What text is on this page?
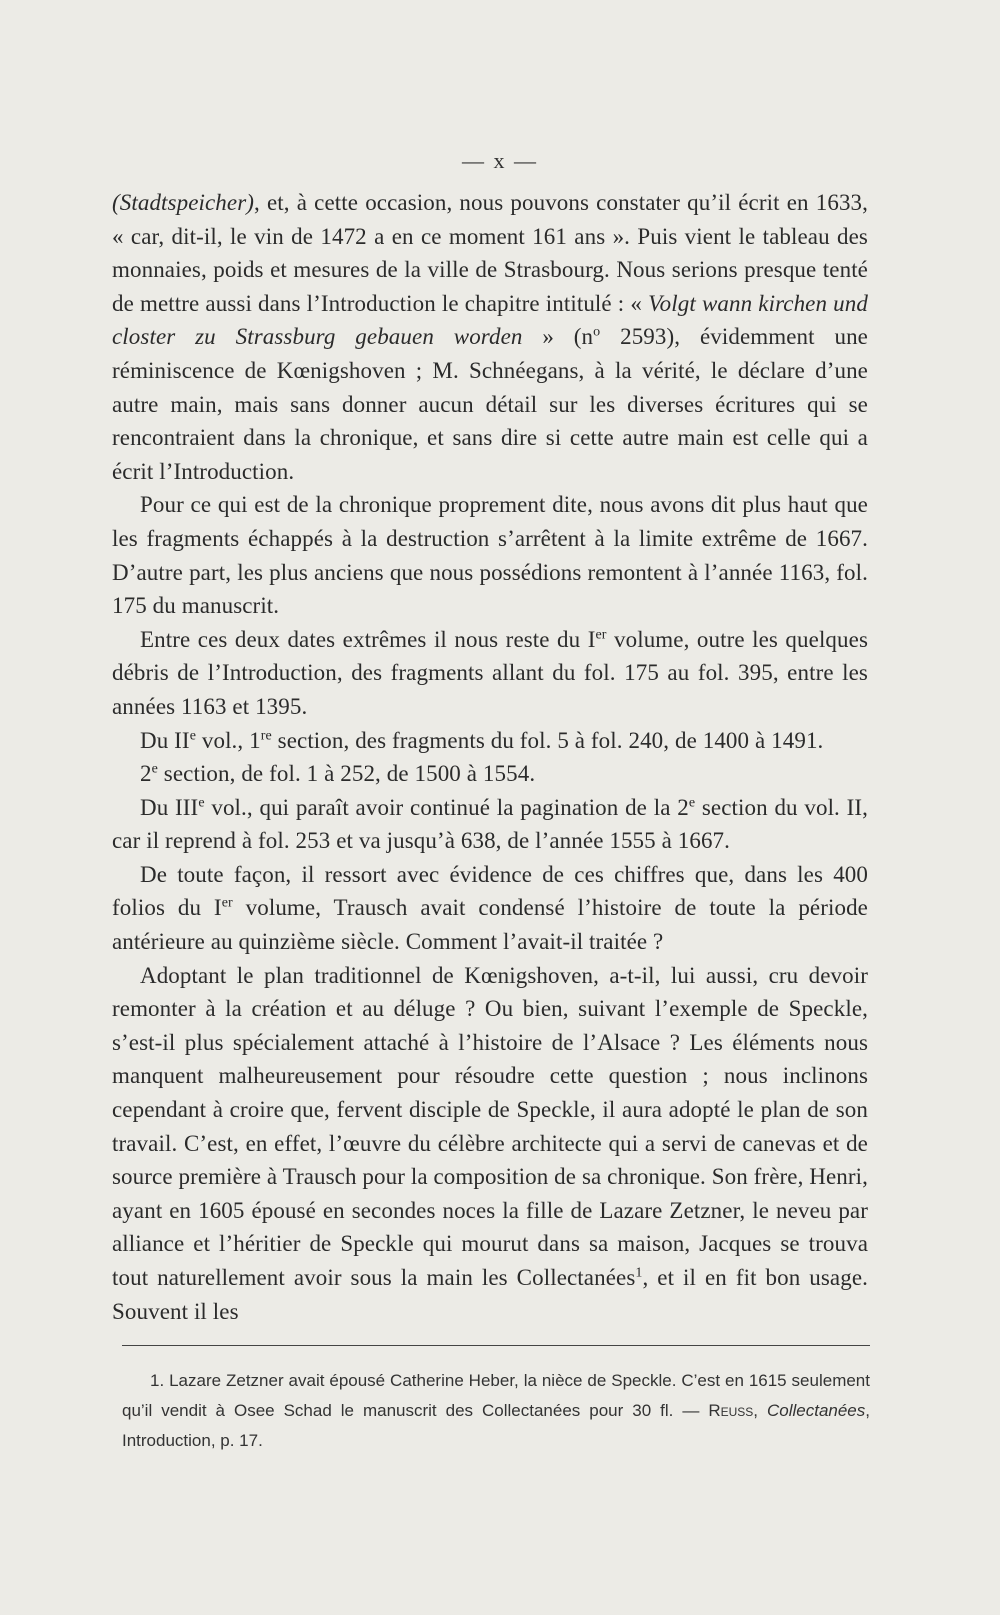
— x —

(Stadtspeicher), et, à cette occasion, nous pouvons constater qu’il écrit en 1633, « car, dit-il, le vin de 1472 a en ce moment 161 ans ». Puis vient le tableau des monnaies, poids et mesures de la ville de Strasbourg. Nous serions presque tenté de mettre aussi dans l’Introduction le chapitre intitulé : « Volgt wann kirchen und closter zu Strassburg gebauen worden » ($n^o$ 2593), évidemment une réminiscence de Kœnigshoven ; M. Schnéegans, à la vérité, le déclare d’une autre main, mais sans donner aucun détail sur les diverses écritures qui se rencontraient dans la chronique, et sans dire si cette autre main est celle qui a écrit l’Introduction.

Pour ce qui est de la chronique proprement dite, nous avons dit plus haut que les fragments échappés à la destruction s’arrêtent à la limite extrême de 1667. D’autre part, les plus anciens que nous possédions remontent à l’année 1163, fol. 175 du manuscrit.

Entre ces deux dates extrêmes il nous reste du Ier volume, outre les quelques débris de l’Introduction, des fragments allant du fol. 175 au fol. 395, entre les années 1163 et 1395.

Du IIe vol., 1re section, des fragments du fol. 5 à fol. 240, de 1400 à 1491.

2e section, de fol. 1 à 252, de 1500 à 1554.

Du IIIe vol., qui paraît avoir continué la pagination de la 2e section du vol. II, car il reprend à fol. 253 et va jusqu’à 638, de l’année 1555 à 1667.

De toute façon, il ressort avec évidence de ces chiffres que, dans les 400 folios du Ier volume, Trausch avait condensé l’histoire de toute la période antérieure au quinzième siècle. Comment l’avait-il traitée ?

Adoptant le plan traditionnel de Kœnigshoven, a-t-il, lui aussi, cru devoir remonter à la création et au déluge ? Ou bien, suivant l’exemple de Speckle, s’est-il plus spécialement attaché à l’histoire de l’Alsace ? Les éléments nous manquent malheureusement pour résoudre cette question ; nous inclinons cependant à croire que, fervent disciple de Speckle, il aura adopté le plan de son travail. C’est, en effet, l’œuvre du célèbre architecte qui a servi de canevas et de source première à Trausch pour la composition de sa chronique. Son frère, Henri, ayant en 1605 épousé en secondes noces la fille de Lazare Zetzner, le neveu par alliance et l’héritier de Speckle qui mourut dans sa maison, Jacques se trouva tout naturellement avoir sous la main les Collectanées$^1$, et il en fit bon usage. Souvent il les

1. Lazare Zetzner avait épousé Catherine Heber, la nièce de Speckle. C’est en 1615 seulement qu’il vendit à Osee Schad le manuscrit des Collectanées pour 30 fl. — Reuss, Collectanées, Introduction, p. 17.
